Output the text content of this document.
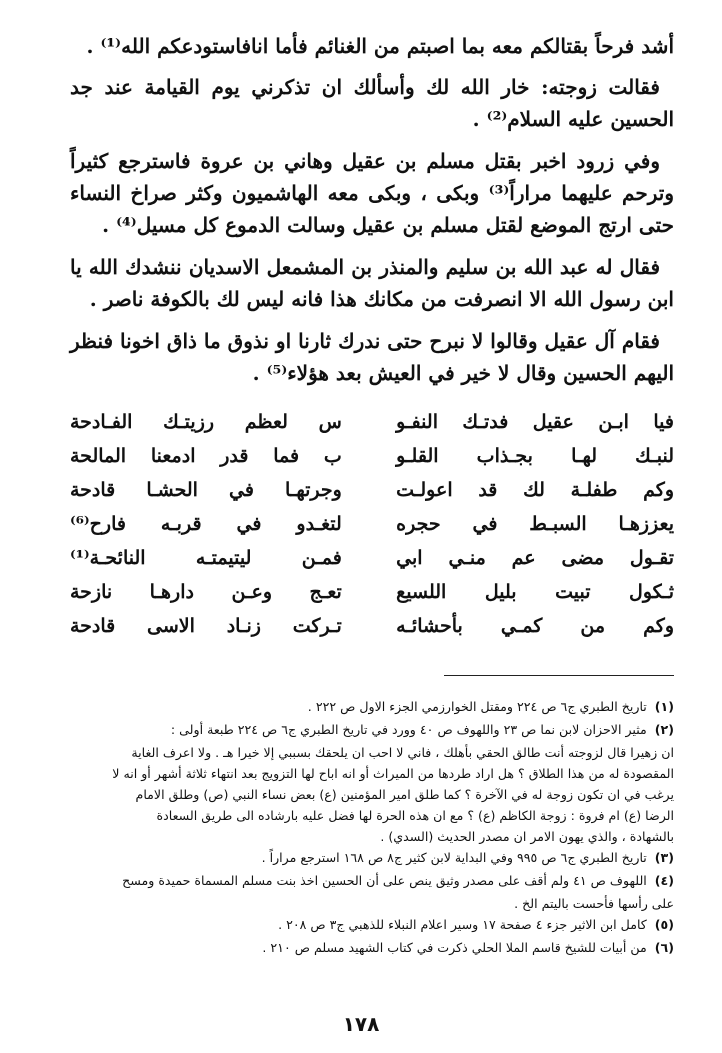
أشد فرحاً بقتالكم معه بما اصبتم من الغنائم فأما انافاستودعكم الله⁽¹⁾ .

فقالت زوجته: خار الله لك وأسألك ان تذكرني يوم القيامة عند جد الحسين عليه السلام⁽²⁾ .

وفي زرود اخبر بقتل مسلم بن عقيل وهاني بن عروة فاسترجع كثيراً وترحم عليهما مراراً⁽³⁾ وبكى ، وبكى معه الهاشميون وكثر صراخ النساء حتى ارتج الموضع لقتل مسلم بن عقيل وسالت الدموع كل مسيل⁽⁴⁾ .

فقال له عبد الله بن سليم والمنذر بن المشمعل الاسديان ننشدك الله يا ابن رسول الله الا انصرفت من مكانك هذا فانه ليس لك بالكوفة ناصر .

فقام آل عقيل وقالوا لا نبرح حتى ندرك ثارنا او نذوق ما ذاق اخونا فنظر اليهم الحسين وقال لا خير في العيش بعد هؤلاء⁽⁵⁾ .

فيا ابـن عقيل فدتـك النفـو
س لعظم رزيتـك الفـادحة
لنبـك لهـا بجـذاب القلـو
ب فما قدر ادمعنا المالحة
وكم طفلـة لك قد اعولـت
وجرتهـا في الحشـا قادحة
يعززهـا السبـط في حجره
لتغـدو في قربـه فارح⁽⁶⁾
تقـول مضى عم منـي ابي
فمـن ليتيمتـه النائحـة⁽¹⁾
ثـكول تبيت بليل اللسيع
تعـج وعـن دارهـا نازحة
وكم من كمـي بأحشائـه
تـركت زنـاد الاسى قادحة

(١)تاريخ الطبري ج٦ ص ٢٢٤ ومقتل الخوارزمي الجزء الاول ص ٢٢٢ .

(٢)مثير الاحزان لابن نما ص ٢٣ واللهوف ص ٤٠ وورد في تاريخ الطبري ج٦ ص ٢٢٤ طبعة أولى :

ان زهيرا قال لزوجته أنت طالق الحقي بأهلك ، فاني لا احب ان يلحقك بسببي إلا خيرا هـ . ولا اعرف الغاية

المقصودة له من هذا الطلاق ؟ هل اراد طردها من الميراث أو انه اباح لها التزويج بعد انتهاء ثلاثة أشهر أو انه لا

يرغب في ان تكون زوجة له في الآخرة ؟ كما طلق امير المؤمنين (ع) بعض نساء النبي (ص) وطلق الامام

الرضا (ع) ام فروة : زوجة الكاظم (ع) ؟ مع ان هذه الحرة لها فضل عليه بارشاده الى طريق السعادة

بالشهادة ، والذي يهون الامر ان مصدر الحديث (السدي) .

(٣)تاريخ الطبري ج٦ ص ٩٩٥ وفي البداية لابن كثير ج٨ ص ١٦٨ استرجع مراراً .

(٤)اللهوف ص ٤١ ولم أقف على مصدر وثيق ينص على أن الحسين اخذ بنت مسلم المسماة حميدة ومسح

على رأسها فأحست باليتم الخ .

(٥)كامل ابن الاثير جزء ٤ صفحة ١٧ وسير اعلام النبلاء للذهبي ج٣ ص ٢٠٨ .

(٦)من أبيات للشيخ قاسم الملا الحلي ذكرت في كتاب الشهيد مسلم ص ٢١٠ .

١٧٨
